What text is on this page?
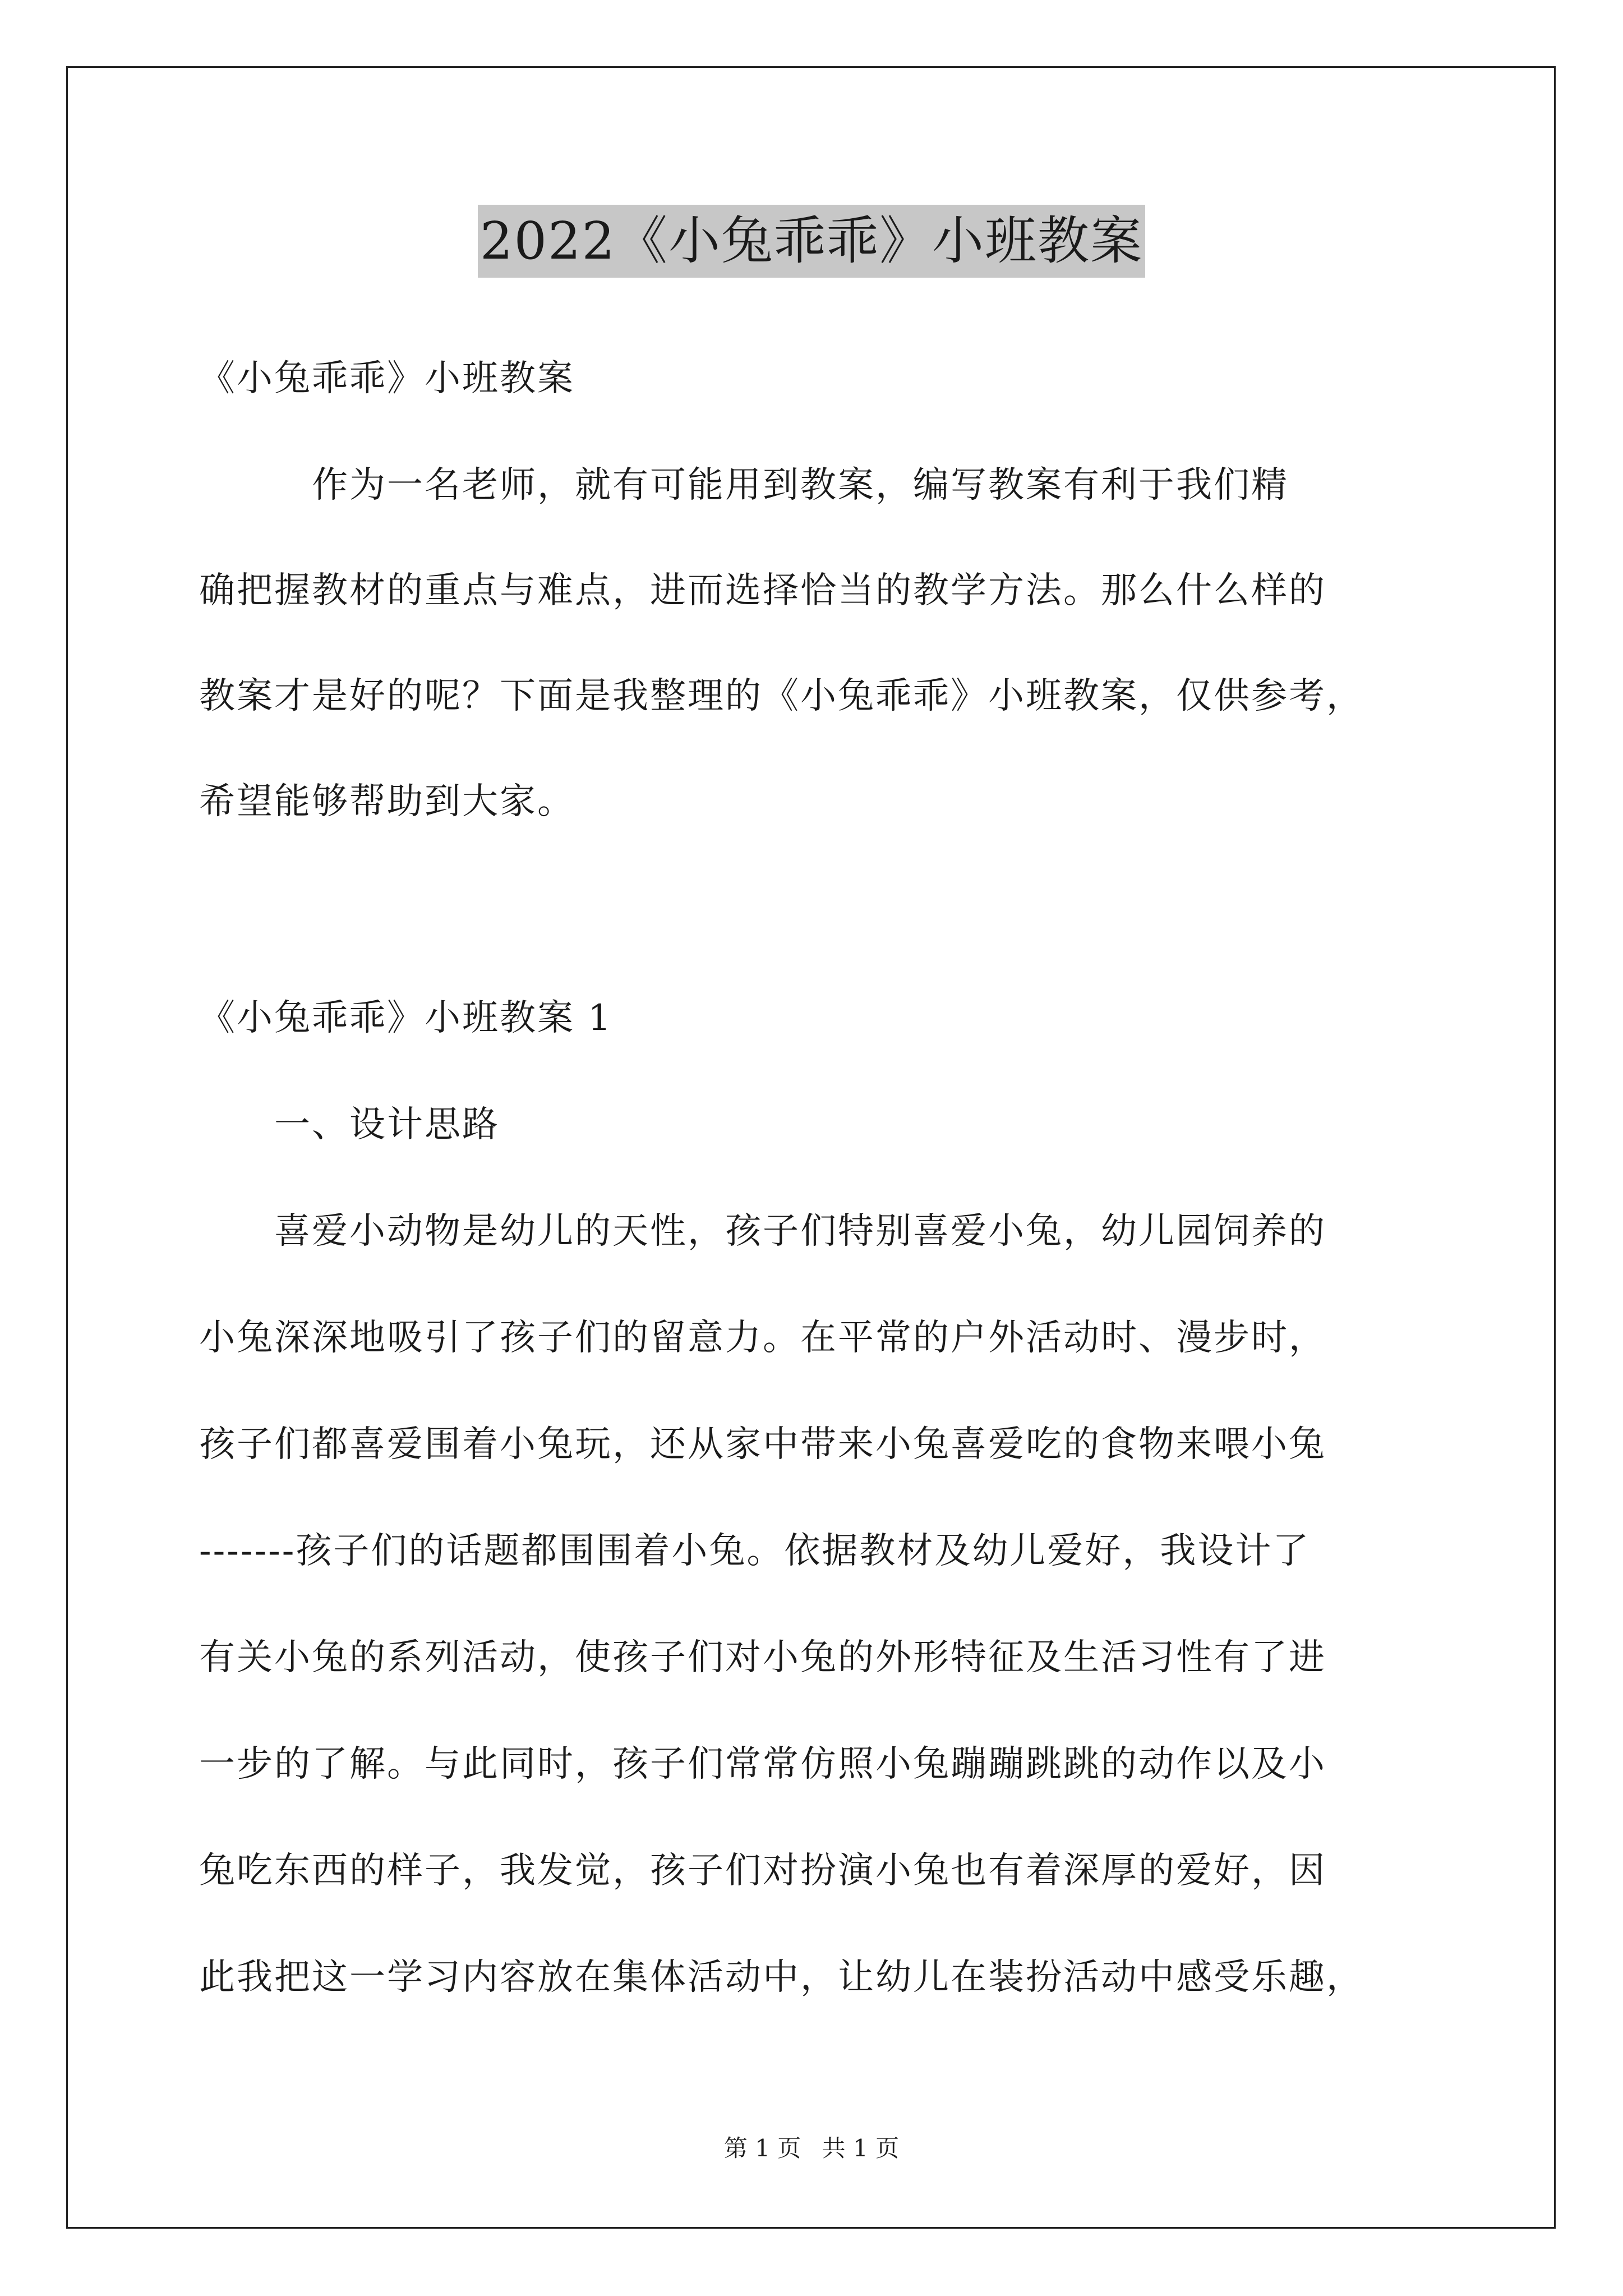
2022《小兔乖乖》小班教案
《小兔乖乖》小班教案
　　　作为一名老师，就有可能用到教案，编写教案有利于我们精
确把握教材的重点与难点，进而选择恰当的教学方法。那么什么样的
教案才是好的呢？下面是我整理的《小兔乖乖》小班教案，仅供参考，
希望能够帮助到大家。
《小兔乖乖》小班教案 1
　　一、设计思路
　　喜爱小动物是幼儿的天性，孩子们特别喜爱小兔，幼儿园饲养的
小兔深深地吸引了孩子们的留意力。在平常的户外活动时、漫步时，
孩子们都喜爱围着小兔玩，还从家中带来小兔喜爱吃的食物来喂小兔
-------孩子们的话题都围围着小兔。依据教材及幼儿爱好，我设计了
有关小兔的系列活动，使孩子们对小兔的外形特征及生活习性有了进
一步的了解。与此同时，孩子们常常仿照小兔蹦蹦跳跳的动作以及小
兔吃东西的样子，我发觉，孩子们对扮演小兔也有着深厚的爱好，因
此我把这一学习内容放在集体活动中，让幼儿在装扮活动中感受乐趣，
第 1 页 共 1 页
